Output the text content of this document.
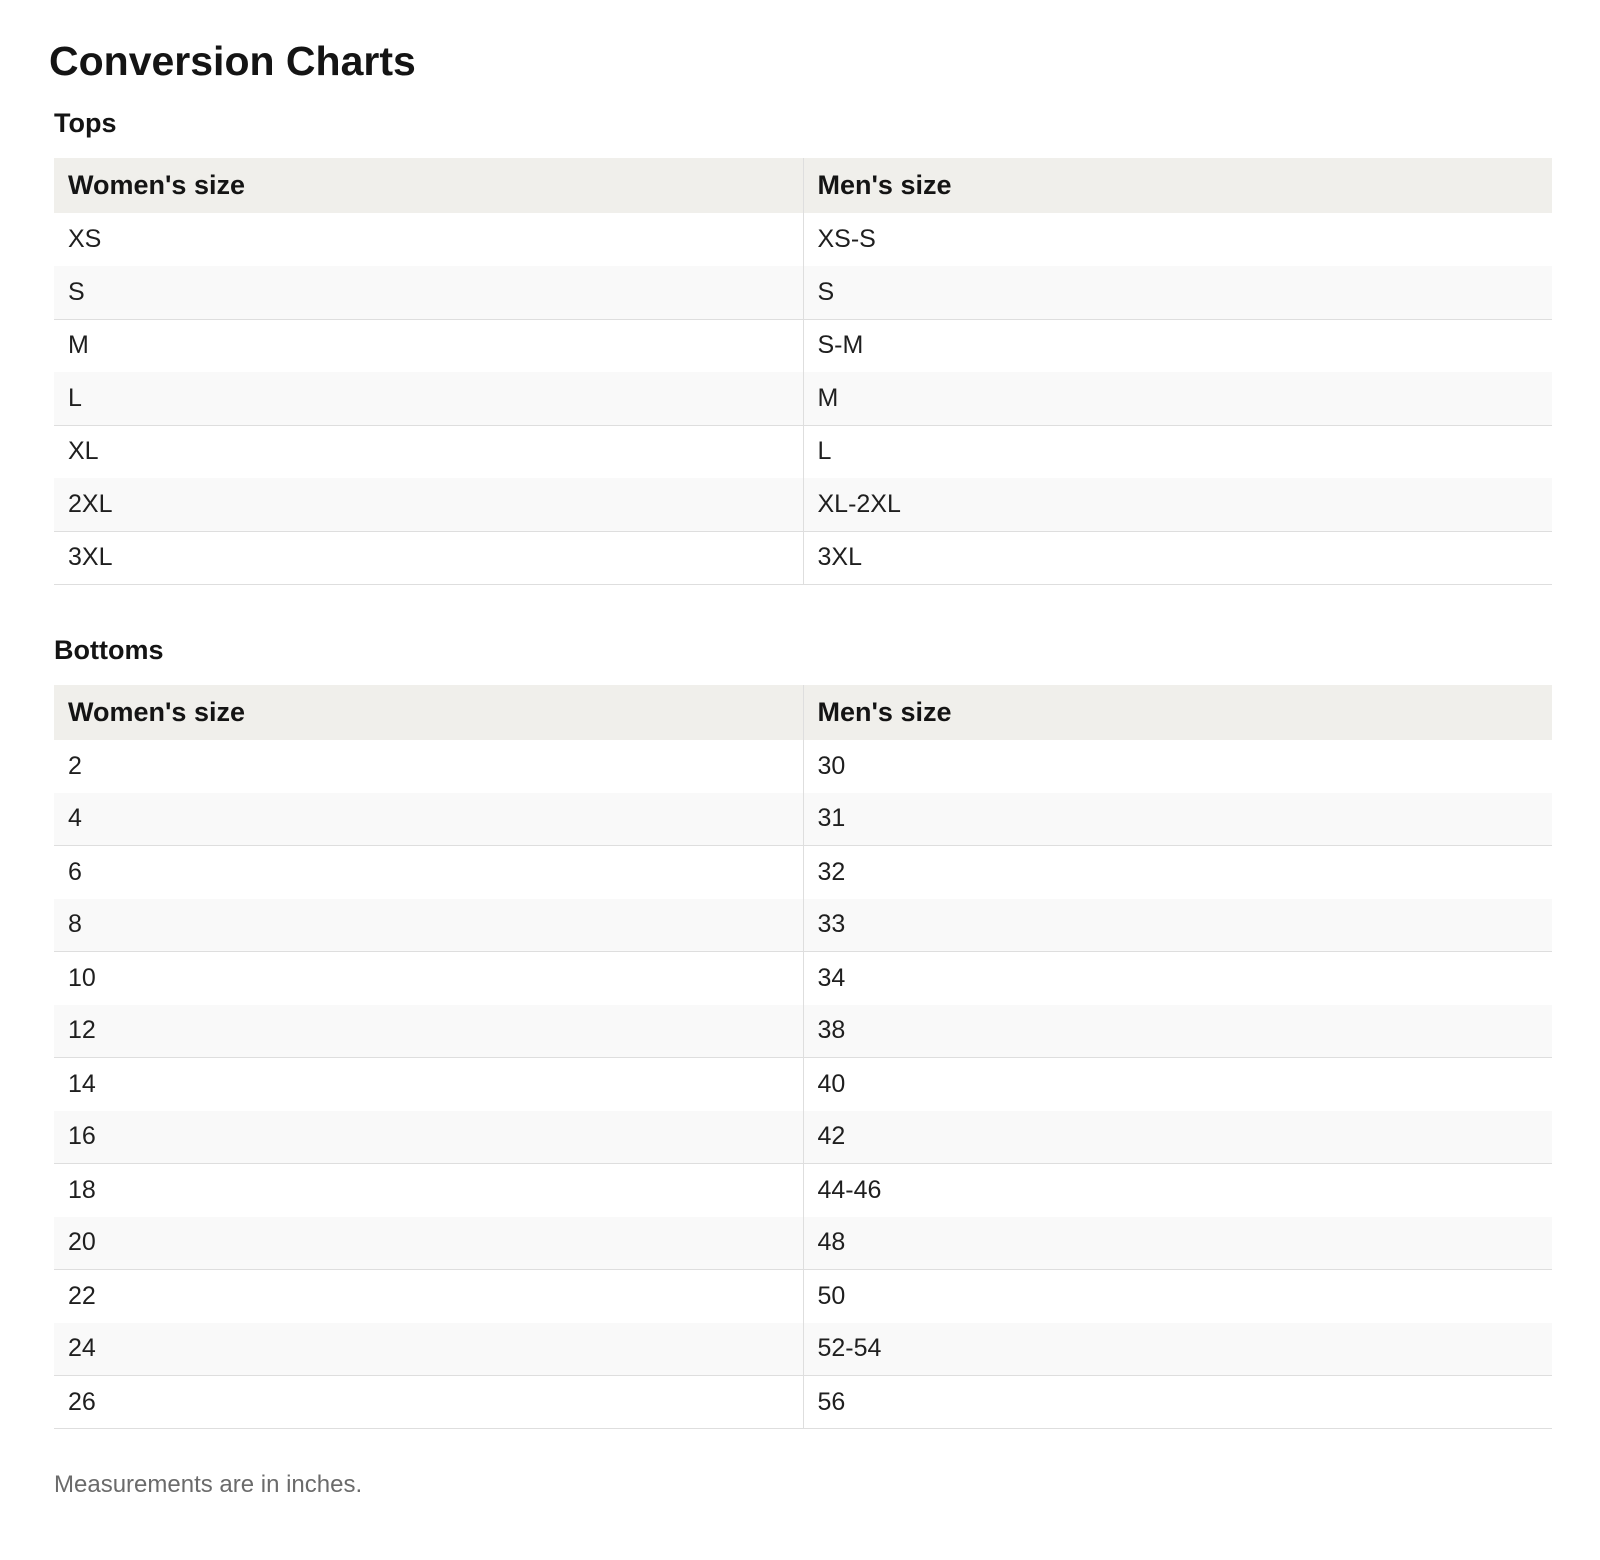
Conversion Charts
Tops
Women's size	Men's size
XS	XS-S
S	S
M	S-M
L	M
XL	L
2XL	XL-2XL
3XL	3XL
Bottoms
Women's size	Men's size
2	30
4	31
6	32
8	33
10	34
12	38
14	40
16	42
18	44-46
20	48
22	50
24	52-54
26	56

Measurements are in inches.
